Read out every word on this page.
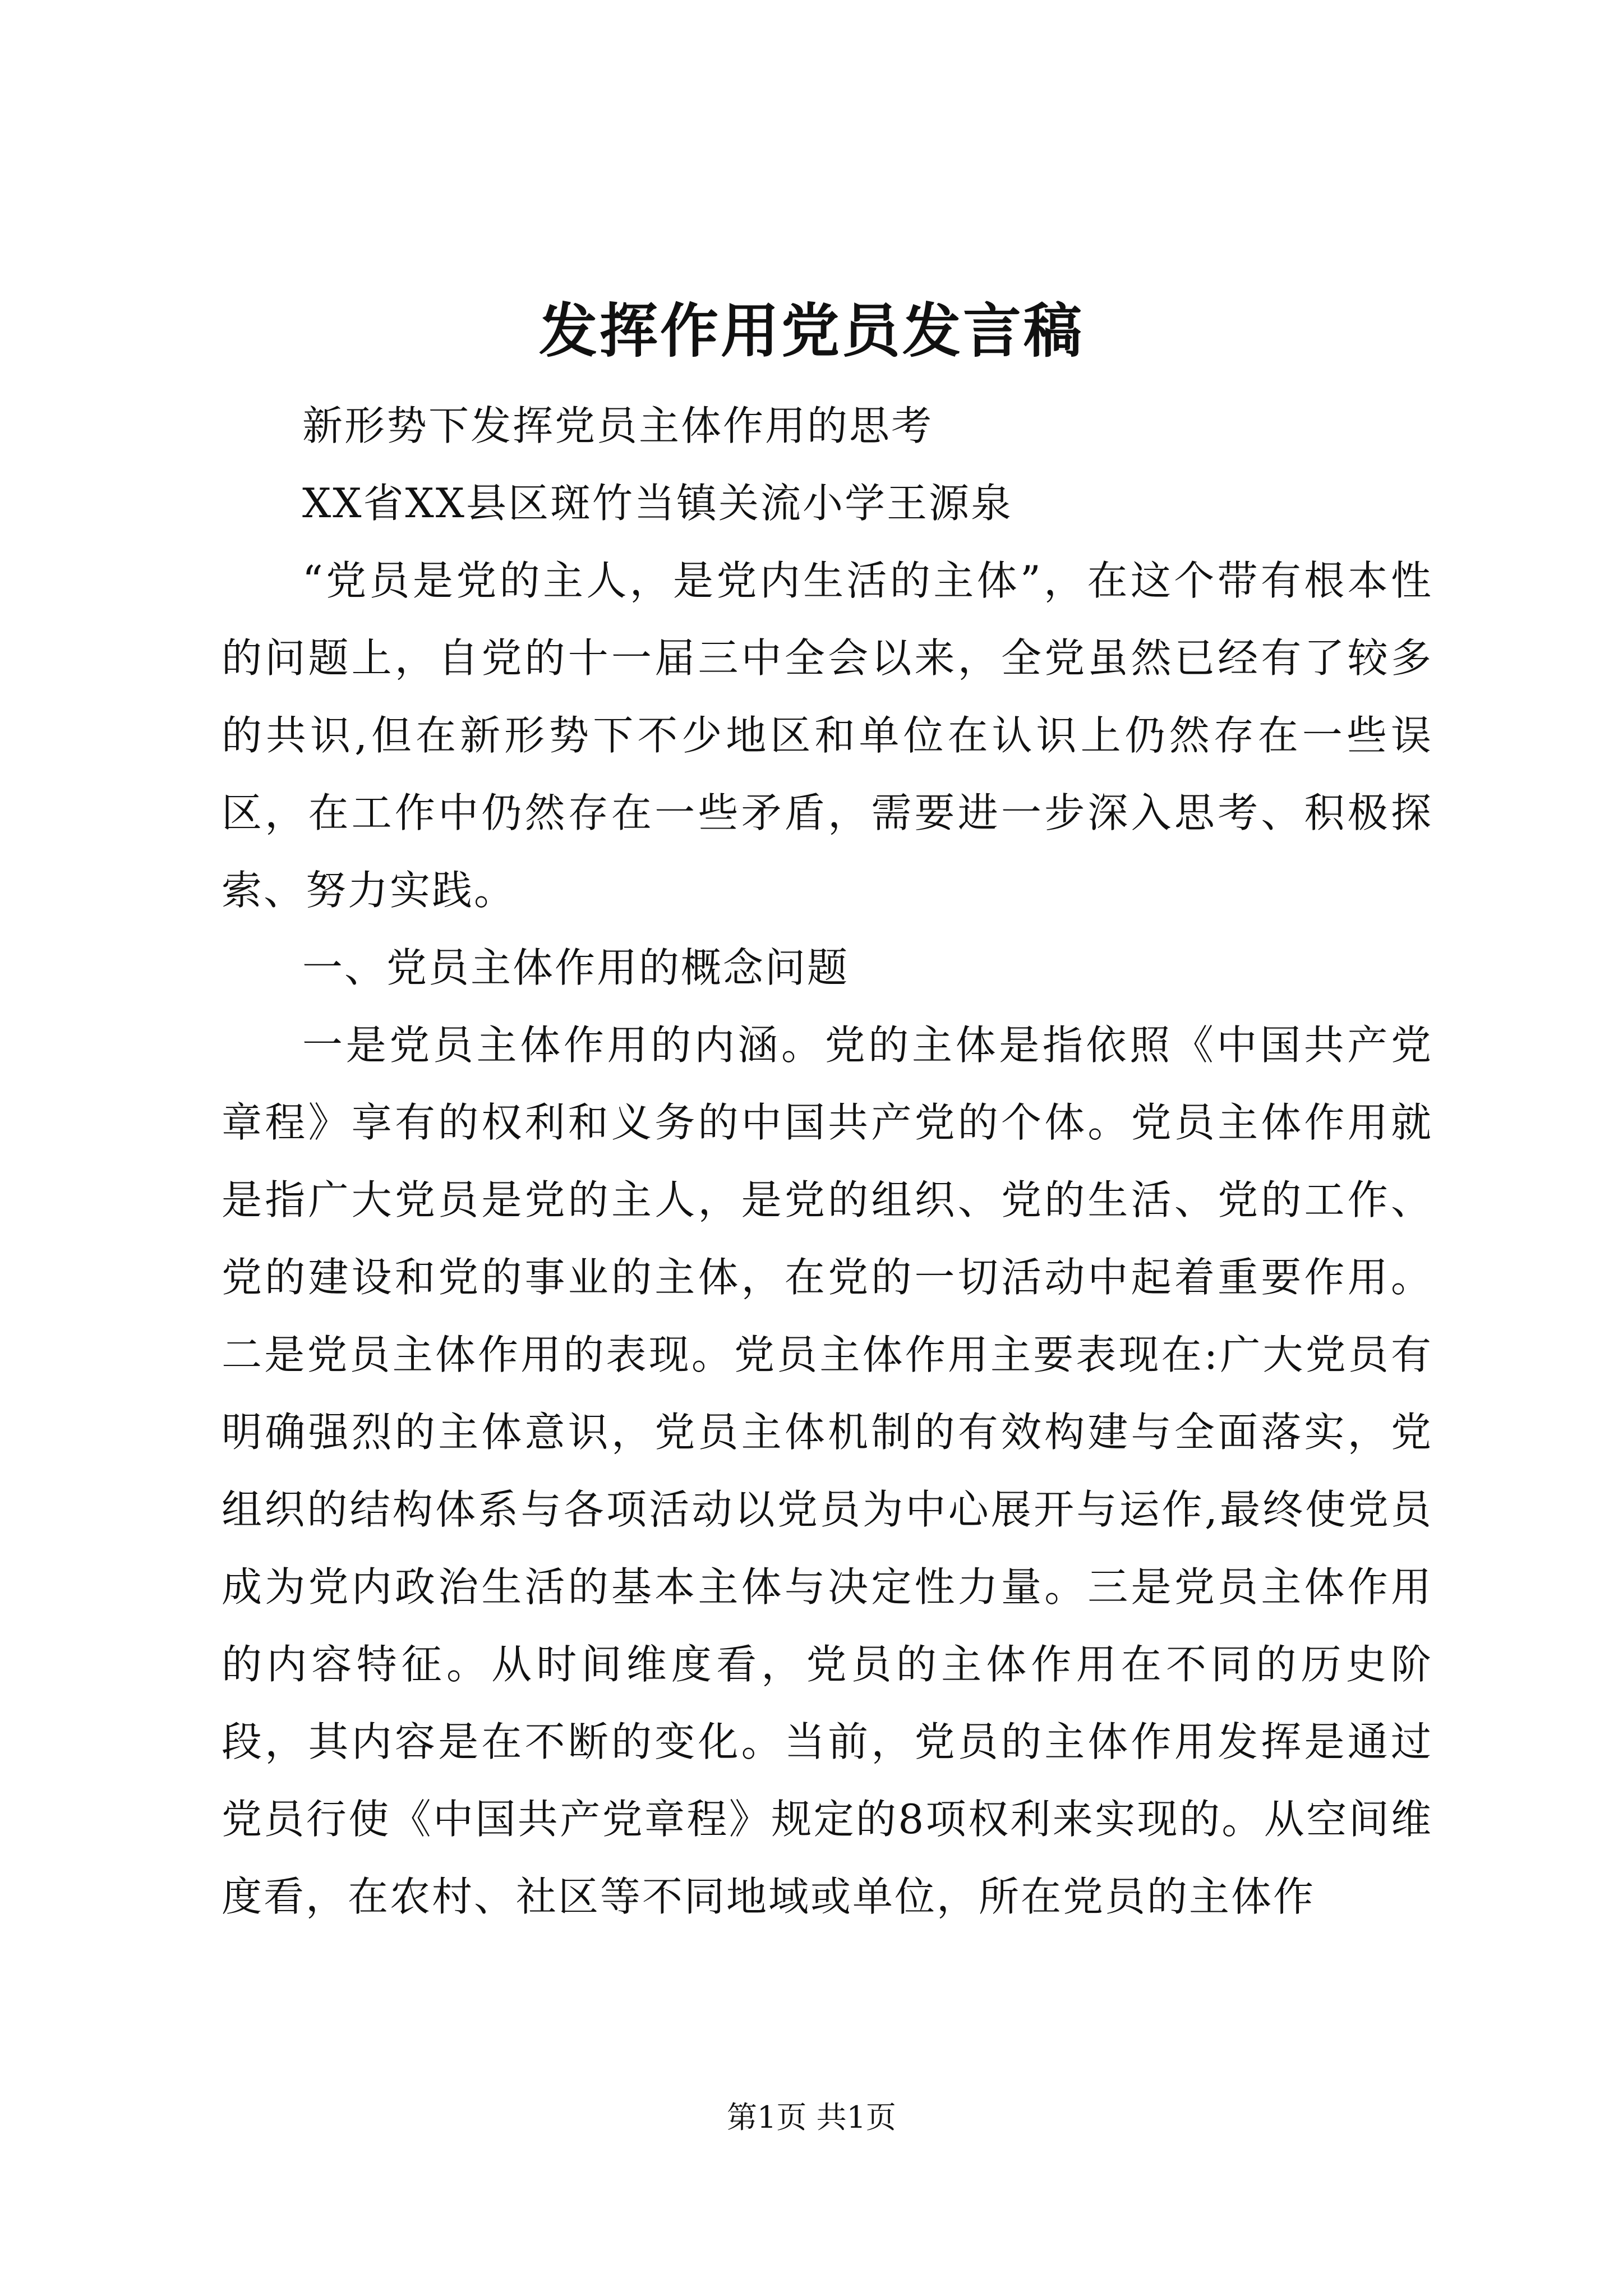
发挥作用党员发言稿

新形势下发挥党员主体作用的思考

XX省XX县区斑竹当镇关流小学王源泉

“党员是党的主人，是党内生活的主体”，在这个带有根本性的问题上，自党的十一届三中全会以来，全党虽然已经有了较多的共识,但在新形势下不少地区和单位在认识上仍然存在一些误区，在工作中仍然存在一些矛盾，需要进一步深入思考、积极探索、努力实践。

一、党员主体作用的概念问题

一是党员主体作用的内涵。党的主体是指依照《中国共产党章程》享有的权利和义务的中国共产党的个体。党员主体作用就是指广大党员是党的主人，是党的组织、党的生活、党的工作、党的建设和党的事业的主体，在党的一切活动中起着重要作用。二是党员主体作用的表现。党员主体作用主要表现在:广大党员有明确强烈的主体意识，党员主体机制的有效构建与全面落实，党组织的结构体系与各项活动以党员为中心展开与运作,最终使党员成为党内政治生活的基本主体与决定性力量。三是党员主体作用的内容特征。从时间维度看，党员的主体作用在不同的历史阶段，其内容是在不断的变化。当前，党员的主体作用发挥是通过党员行使《中国共产党章程》规定的8项权利来实现的。从空间维度看，在农村、社区等不同地域或单位，所在党员的主体作

第1页 共1页
